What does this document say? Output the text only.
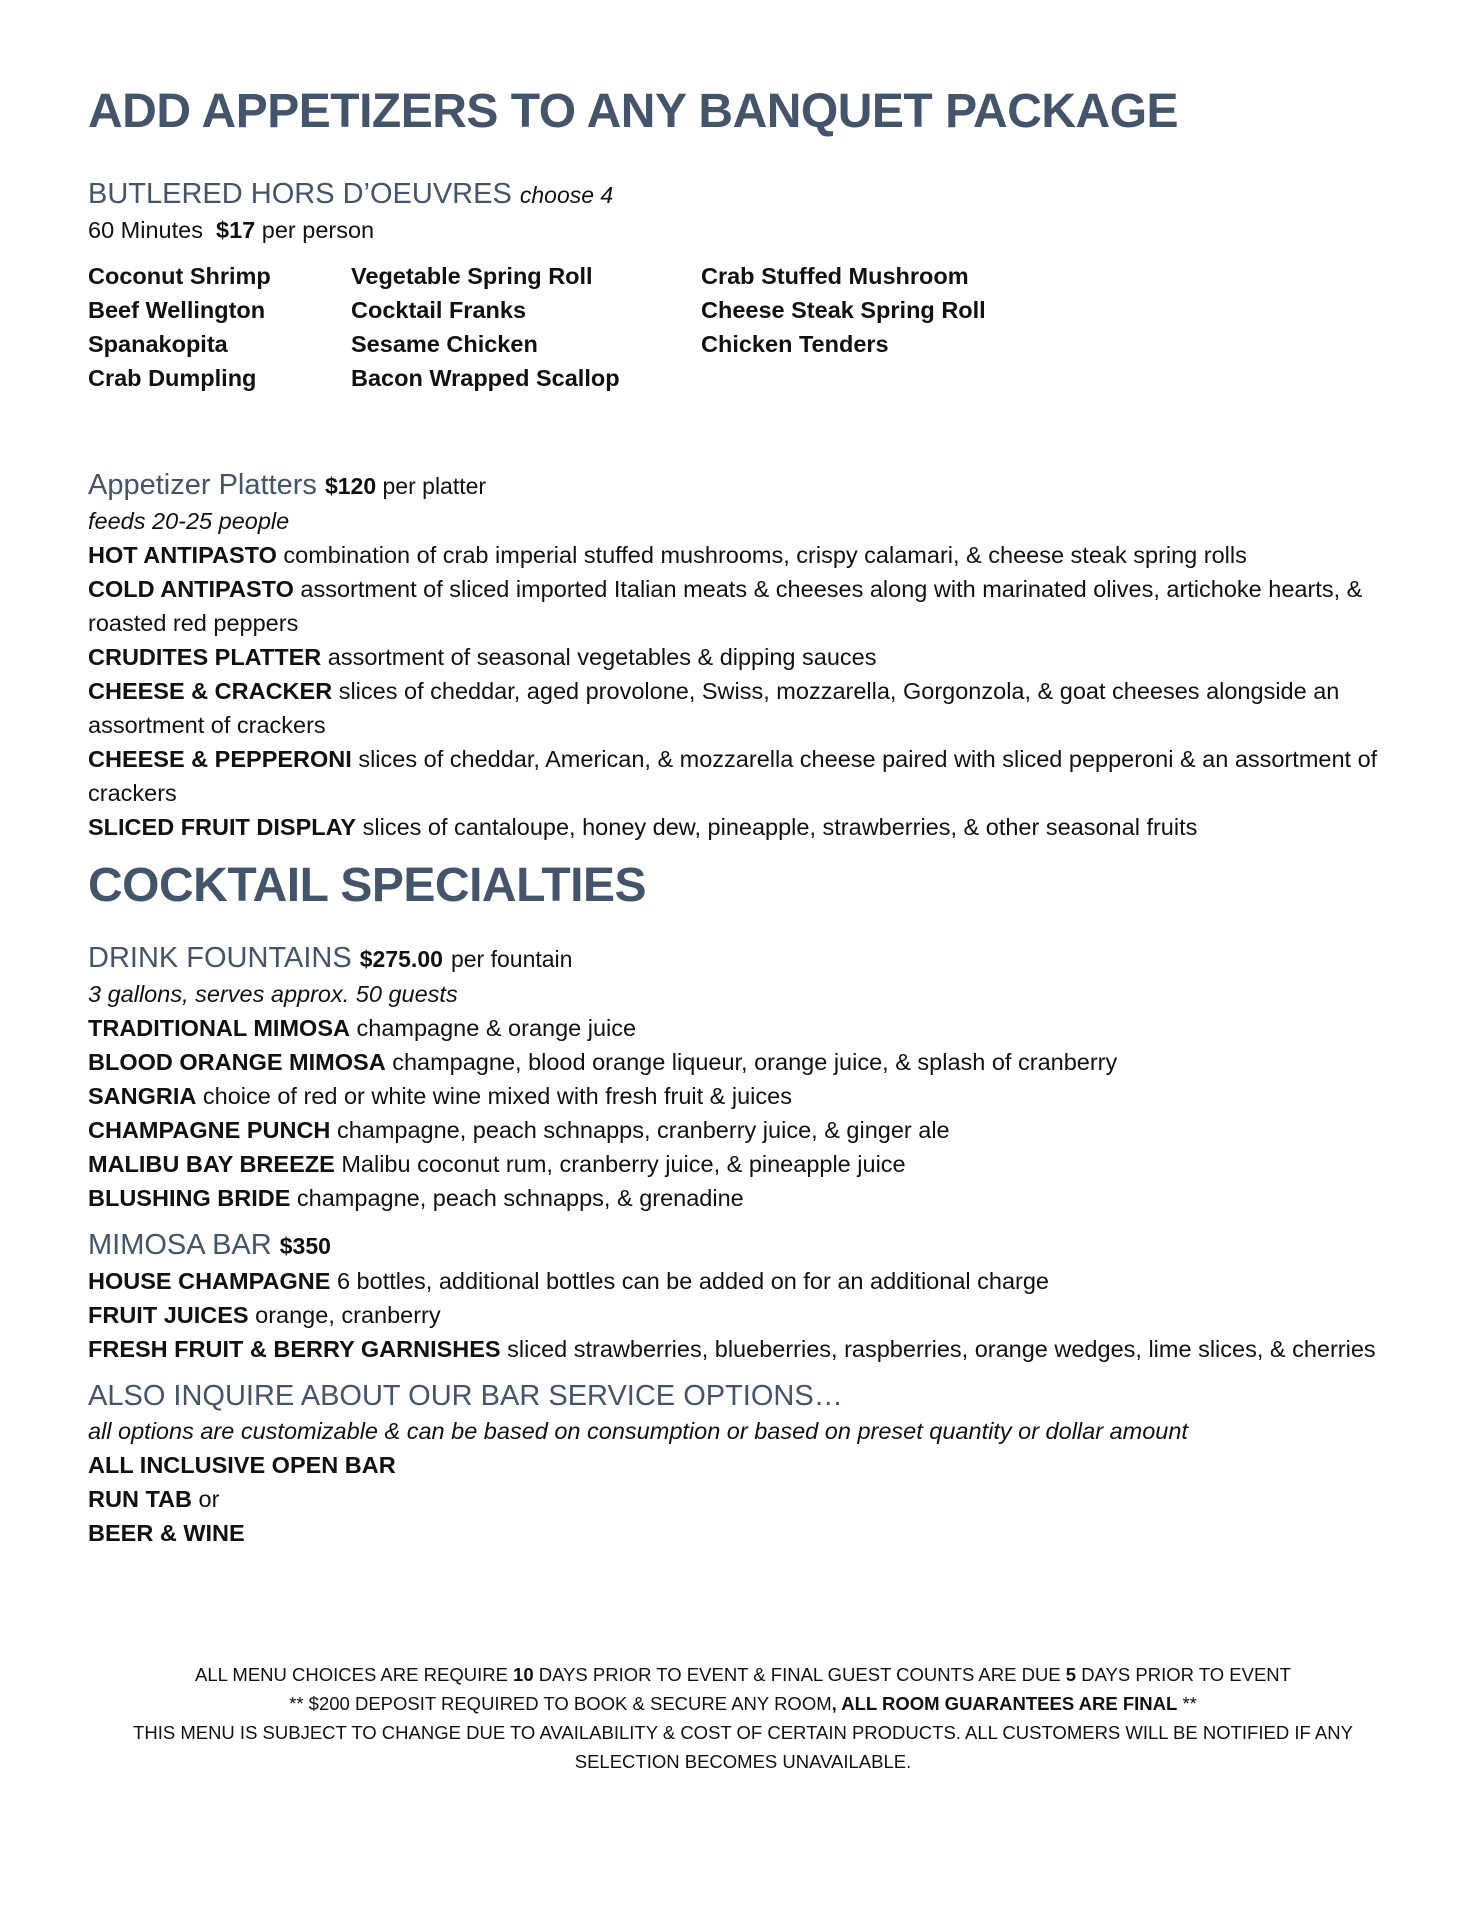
ADD APPETIZERS TO ANY BANQUET PACKAGE
BUTLERED HORS D’OEUVRES choose 4
60 Minutes $17 per person
Coconut Shrimp
Beef Wellington
Spanakopita
Crab Dumpling
Vegetable Spring Roll
Cocktail Franks
Sesame Chicken
Bacon Wrapped Scallop
Crab Stuffed Mushroom
Cheese Steak Spring Roll
Chicken Tenders
Appetizer Platters $120 per platter
feeds 20-25 people
HOT ANTIPASTO combination of crab imperial stuffed mushrooms, crispy calamari, & cheese steak spring rolls
COLD ANTIPASTO assortment of sliced imported Italian meats & cheeses along with marinated olives, artichoke hearts, & roasted red peppers
CRUDITES PLATTER assortment of seasonal vegetables & dipping sauces
CHEESE & CRACKER slices of cheddar, aged provolone, Swiss, mozzarella, Gorgonzola, & goat cheeses alongside an assortment of crackers
CHEESE & PEPPERONI slices of cheddar, American, & mozzarella cheese paired with sliced pepperoni & an assortment of crackers
SLICED FRUIT DISPLAY slices of cantaloupe, honey dew, pineapple, strawberries, & other seasonal fruits
COCKTAIL SPECIALTIES
DRINK FOUNTAINS $275.00 per fountain
3 gallons, serves approx. 50 guests
TRADITIONAL MIMOSA champagne & orange juice
BLOOD ORANGE MIMOSA champagne, blood orange liqueur, orange juice, & splash of cranberry
SANGRIA choice of red or white wine mixed with fresh fruit & juices
CHAMPAGNE PUNCH champagne, peach schnapps, cranberry juice, & ginger ale
MALIBU BAY BREEZE Malibu coconut rum, cranberry juice, & pineapple juice
BLUSHING BRIDE champagne, peach schnapps, & grenadine
MIMOSA BAR $350
HOUSE CHAMPAGNE 6 bottles, additional bottles can be added on for an additional charge
FRUIT JUICES orange, cranberry
FRESH FRUIT & BERRY GARNISHES sliced strawberries, blueberries, raspberries, orange wedges, lime slices, & cherries
ALSO INQUIRE ABOUT OUR BAR SERVICE OPTIONS…
all options are customizable & can be based on consumption or based on preset quantity or dollar amount
ALL INCLUSIVE OPEN BAR
RUN TAB or
BEER & WINE
ALL MENU CHOICES ARE REQUIRE 10 DAYS PRIOR TO EVENT & FINAL GUEST COUNTS ARE DUE 5 DAYS PRIOR TO EVENT
** $200 DEPOSIT REQUIRED TO BOOK & SECURE ANY ROOM, ALL ROOM GUARANTEES ARE FINAL **
THIS MENU IS SUBJECT TO CHANGE DUE TO AVAILABILITY & COST OF CERTAIN PRODUCTS. ALL CUSTOMERS WILL BE NOTIFIED IF ANY SELECTION BECOMES UNAVAILABLE.
